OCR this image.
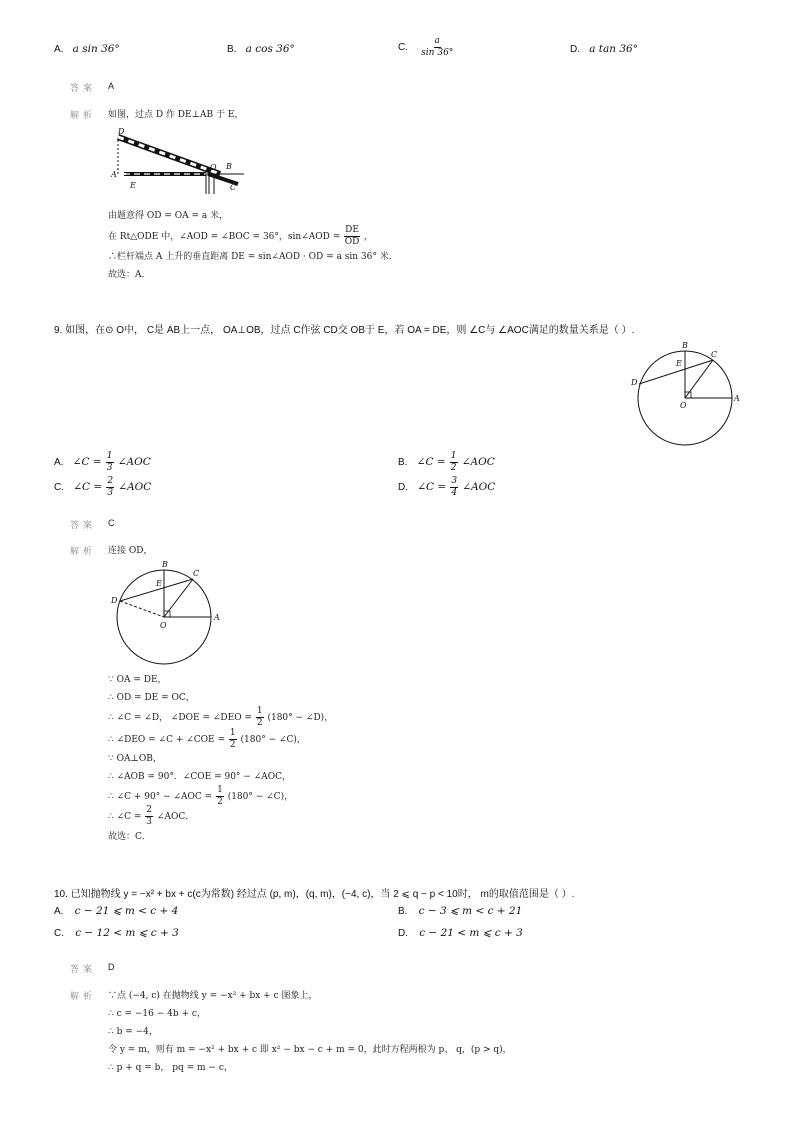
A. a sin 36°	B. a cos 36°	C. $\frac{a}{\sin 36^\circ}$	D. a tan 36°
答案 A
解析 如图，过点 D 作 DE⊥AB 于 E，
D
O B
A
E	C
由题意得 OD = OA = a 米，
在 Rt△ODE 中，∠AOD = ∠BOC = 36°，sin∠AOD = $\frac{DE}{OD}$ ，
∴栏杆端点 A 上升的垂直距离 DE = sin∠AOD · OD = a sin 36° 米．
故选：A．
9. 如图，在⊙ O中， C是 AB上一点， OA⊥OB，过点 C作弦 CD交 OB于 E，若 OA = DE，则 ∠C与 ∠AOC满足的数量关系是（ ）.
B
C
E
D
O
A
A. ∠C = $\frac{1}{3}$ ∠AOC	B. ∠C = $\frac{1}{2}$ ∠AOC
C. ∠C = $\frac{2}{3}$ ∠AOC	D. ∠C = $\frac{3}{4}$ ∠AOC
答案 C
解析 连接 OD，
B
C
E
D
O
A
∵ OA = DE，
∴ OD = DE = OC，
∴ ∠C = ∠D， ∠DOE = ∠DEO = $\frac{1}{2} (180^\circ$ − ∠D)，
∴ ∠DEO = ∠C + ∠COE = $\frac{1}{2} (180^\circ$ − ∠C)，
∵ OA⊥OB，
∴ ∠AOB = 90°．∠COE = 90° − ∠AOC，
∴ ∠C + 90° − ∠AOC = $\frac{1}{2} (180^\circ$ − ∠C)，
∴ ∠C = $\frac{2}{3}$ ∠AOC．
故选：C．
10. 已知抛物线 y = −x² + bx + c(c为常数) 经过点 (p, m)，(q, m)，(−4, c)，当 2 ⩽ q − p < 10时， m的取值范围是（ ）.
A. c − 21 ⩽ m < c + 4	B. c − 3 ⩽ m < c + 21
C. c − 12 < m ⩽ c + 3	D. c − 21 < m ⩽ c + 3
答案 D
解析 ∵点 (−4, c) 在抛物线 y = −x² + bx + c 图象上，
∴ c = −16 − 4b + c，
∴ b = −4，
令 y = m，则有 m = −x² + bx + c 即 x² − bx − c + m = 0，此时方程两根为 p、 q，(p > q)，
∴ p + q = b， pq = m − c，
